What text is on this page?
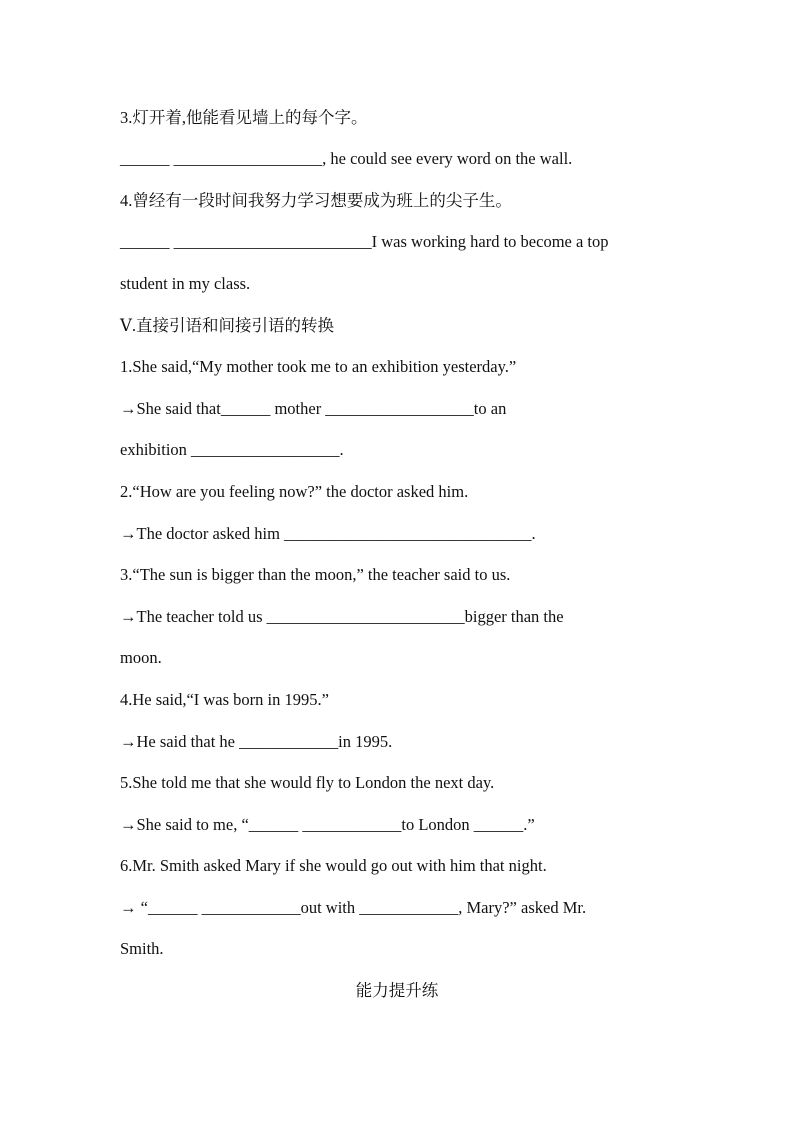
3.灯开着,他能看见墙上的每个字。
______ __________________, he could see every word on the wall.
4.曾经有一段时间我努力学习想要成为班上的尖子生。
______ ________________________I was working hard to become a top
student in my class.
Ⅴ.直接引语和间接引语的转换
1.She said,“My mother took me to an exhibition yesterday.”
→She said that______ mother __________________to an
exhibition __________________.
2.“How are you feeling now?” the doctor asked him.
→The doctor asked him ______________________________.
3.“The sun is bigger than the moon,” the teacher said to us.
→The teacher told us ________________________bigger than the
moon.
4.He said,“I was born in 1995.”
→He said that he ____________in 1995.
5.She told me that she would fly to London the next day.
→She said to me, “______ ____________to London ______.”
6.Mr. Smith asked Mary if she would go out with him that night.
→ “______ ____________out with ____________, Mary?” asked Mr.
Smith.
能力提升练
